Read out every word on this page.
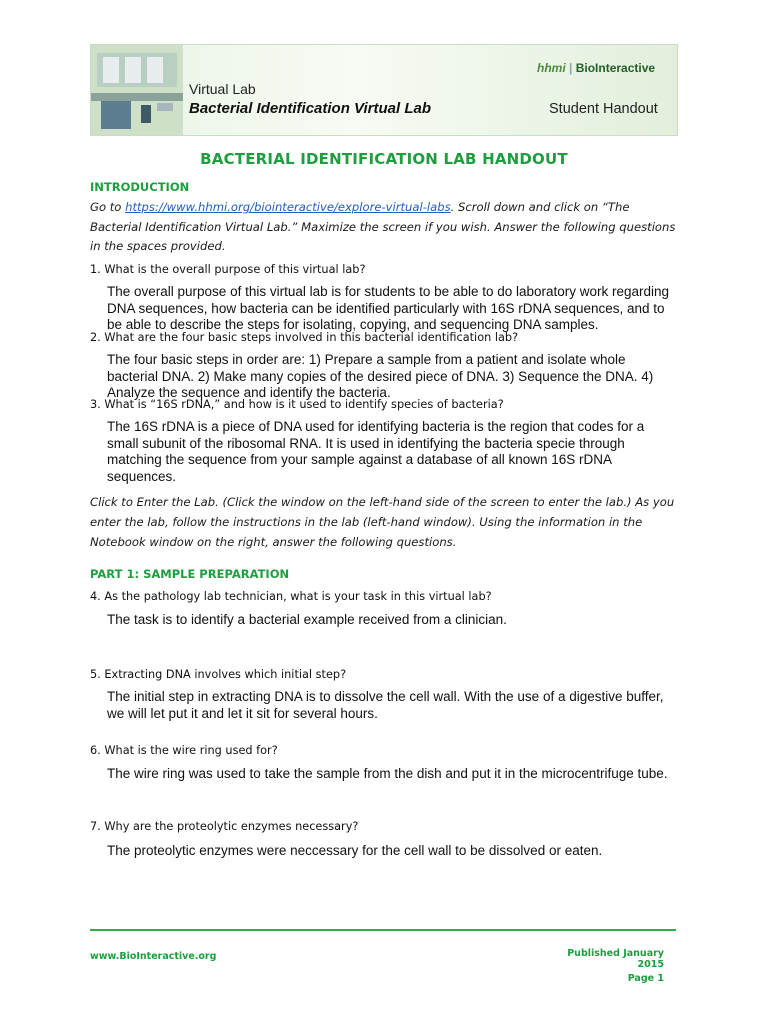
Virtual Lab
Bacterial Identification Virtual Lab
hhmi | BioInteractive
Student Handout
BACTERIAL IDENTIFICATION LAB HANDOUT
INTRODUCTION
Go to https://www.hhmi.org/biointeractive/explore-virtual-labs. Scroll down and click on “The Bacterial Identification Virtual Lab.” Maximize the screen if you wish. Answer the following questions in the spaces provided.
1. What is the overall purpose of this virtual lab?
The overall purpose of this virtual lab is for students to be able to do laboratory work regarding DNA sequences, how bacteria can be identified particularly with 16S rDNA sequences, and to be able to describe the steps for isolating, copying, and sequencing DNA samples.
2. What are the four basic steps involved in this bacterial identification lab?
The four basic steps in order are: 1) Prepare a sample from a patient and isolate whole bacterial DNA. 2) Make many copies of the desired piece of DNA. 3) Sequence the DNA. 4) Analyze the sequence and identify the bacteria.
3. What is “16S rDNA,” and how is it used to identify species of bacteria?
The 16S rDNA is a piece of DNA used for identifying bacteria is the region that codes for a small subunit of the ribosomal RNA. It is used in identifying the bacteria specie through matching the sequence from your sample against a database of all known 16S rDNA sequences.
Click to Enter the Lab. (Click the window on the left-hand side of the screen to enter the lab.) As you enter the lab, follow the instructions in the lab (left-hand window). Using the information in the Notebook window on the right, answer the following questions.
PART 1: SAMPLE PREPARATION
4. As the pathology lab technician, what is your task in this virtual lab?
The task is to identify a bacterial example received from a clinician.
5. Extracting DNA involves which initial step?
The initial step in extracting DNA is to dissolve the cell wall. With the use of a digestive buffer, we will let put it and let it sit for several hours.
6. What is the wire ring used for?
The wire ring was used to take the sample from the dish and put it in the microcentrifuge tube.
7. Why are the proteolytic enzymes necessary?
The proteolytic enzymes were neccessary for the cell wall to be dissolved or eaten.
www.BioInteractive.org	Published January 2015
Page 1
